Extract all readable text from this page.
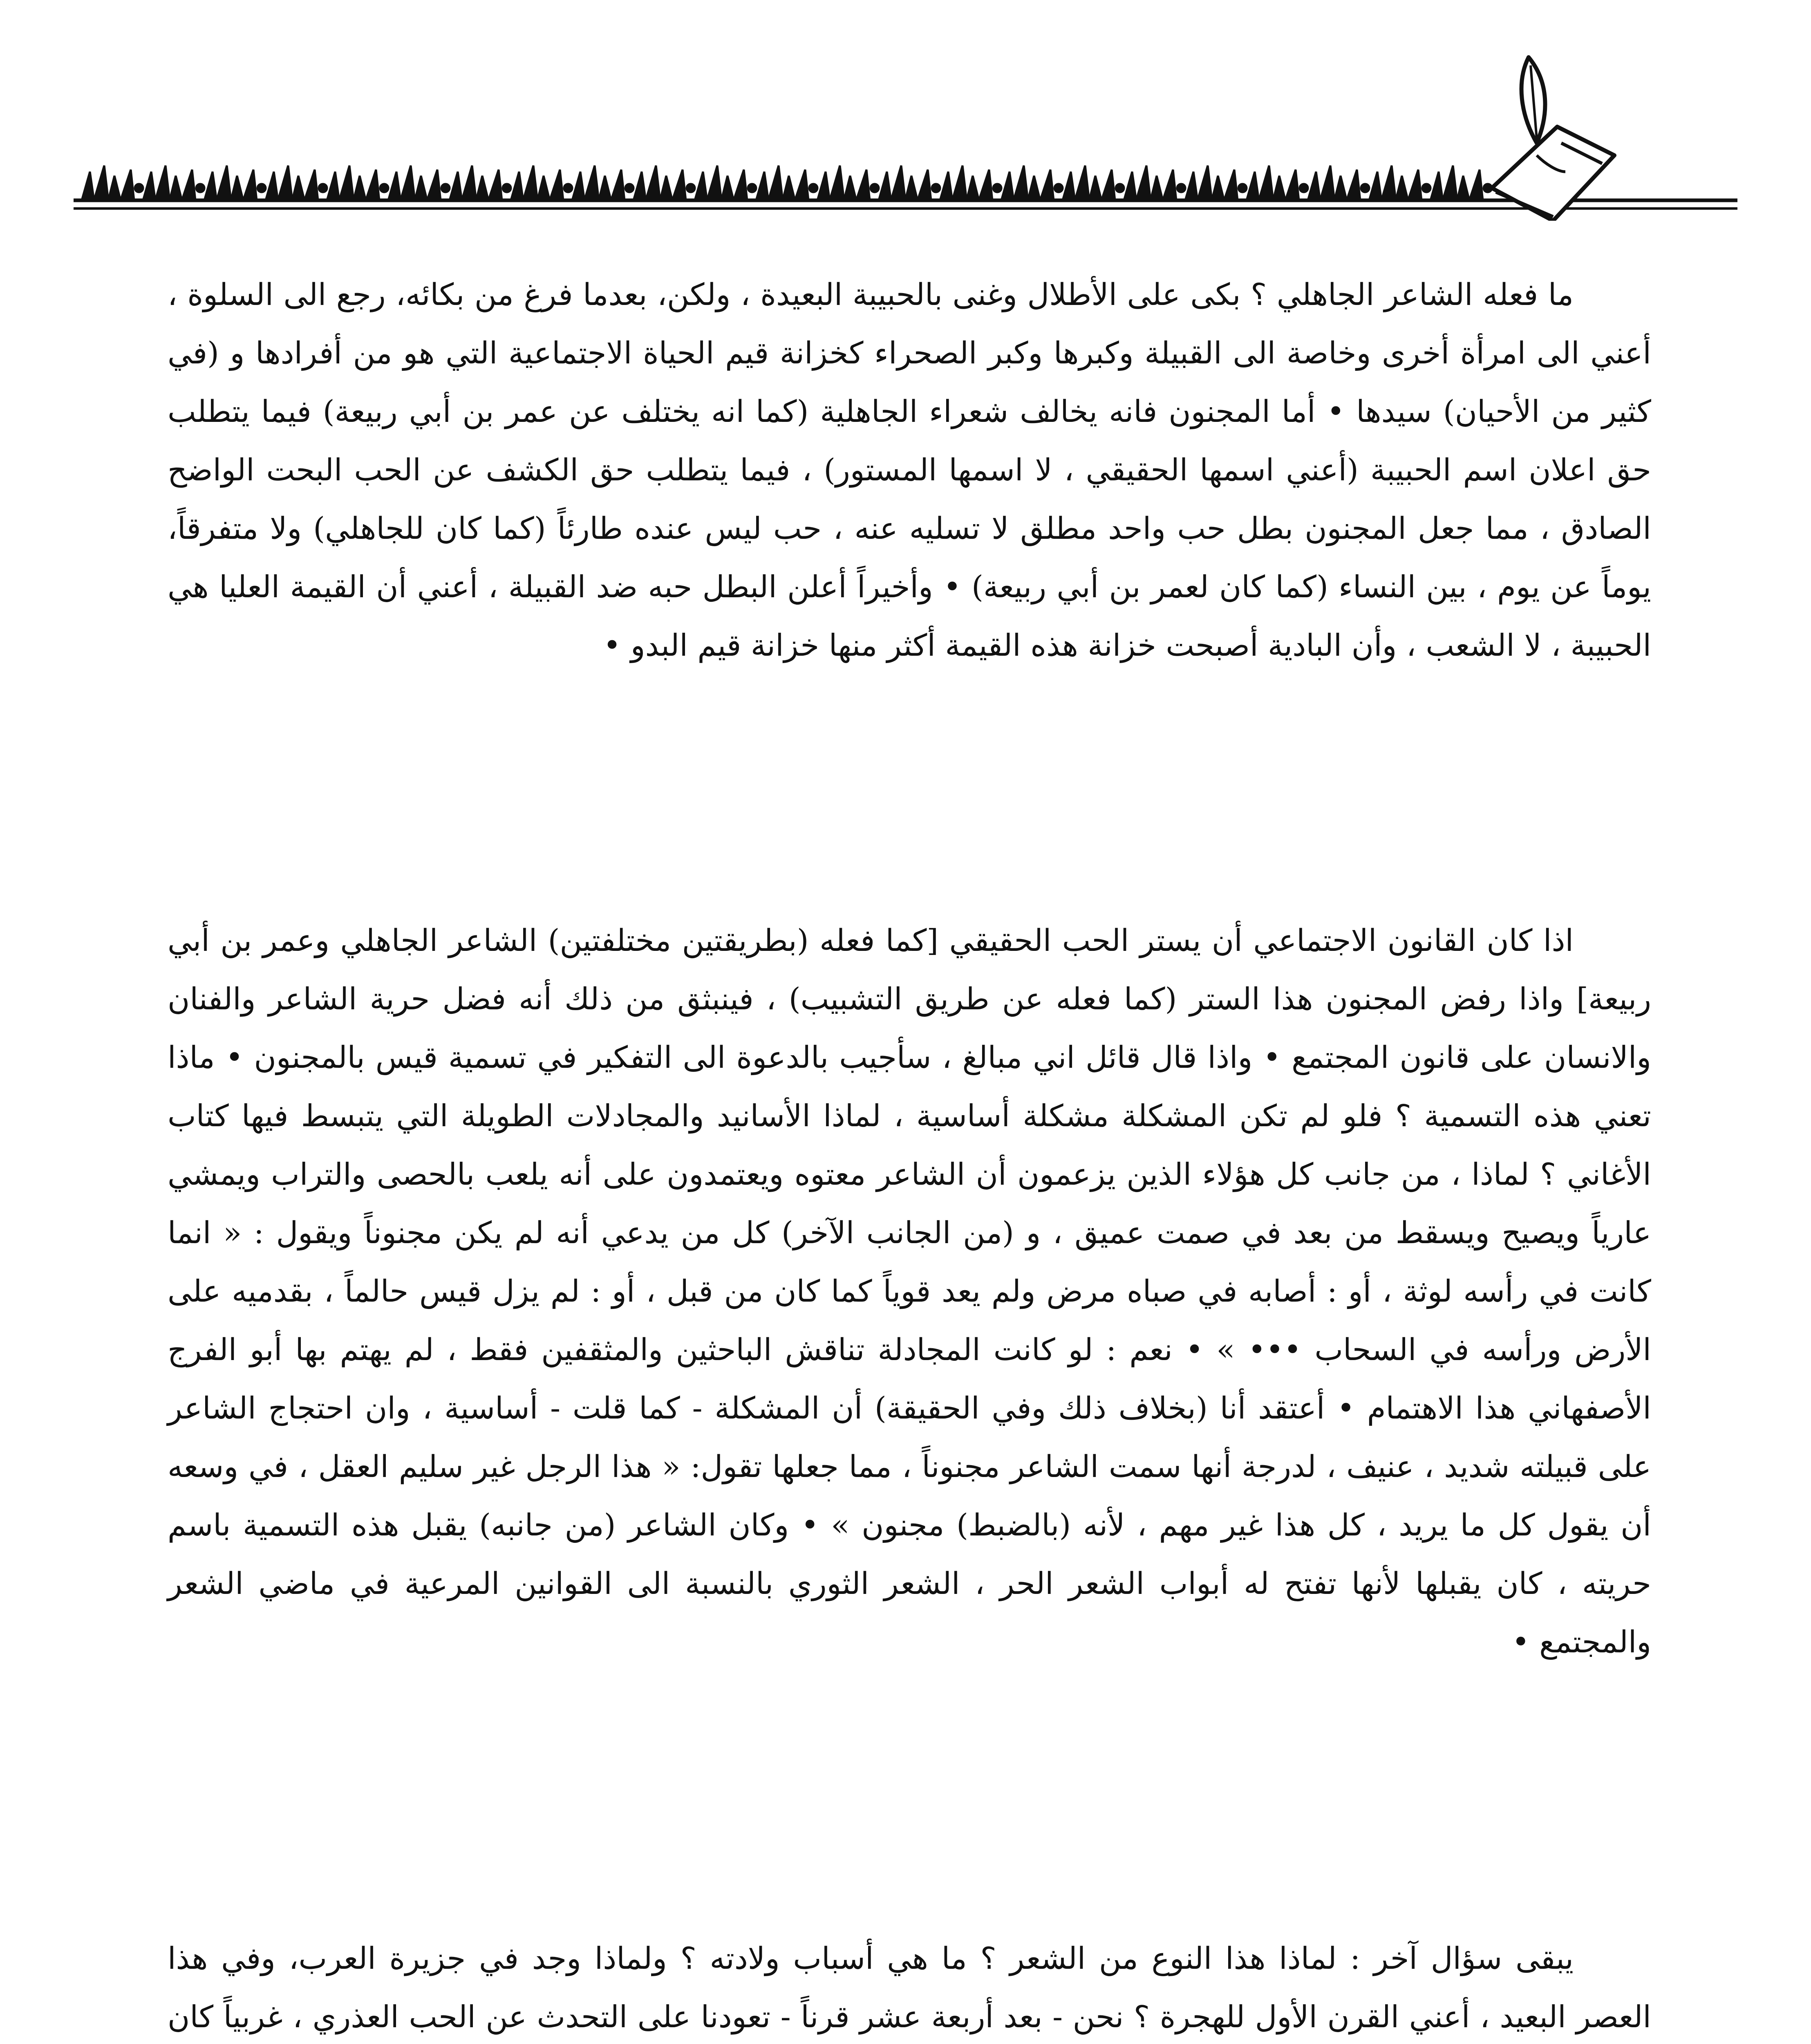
ما فعله الشاعر الجاهلي ؟ بكى على الأطلال وغنى بالحبيبة البعيدة ، ولكن، بعدما فرغ من بكائه، رجع الى السلوة ، أعني الى امرأة أخرى وخاصة الى القبيلة وكبرها وكبر الصحراء كخزانة قيم الحياة الاجتماعية التي هو من أفرادها و (في كثير من الأحيان) سيدها • أما المجنون فانه يخالف شعراء الجاهلية (كما انه يختلف عن عمر بن أبي ربيعة) فيما يتطلب حق اعلان اسم الحبيبة (أعني اسمها الحقيقي ، لا اسمها المستور) ، فيما يتطلب حق الكشف عن الحب البحت الواضح الصادق ، مما جعل المجنون بطل حب واحد مطلق لا تسليه عنه ، حب ليس عنده طارئاً (كما كان للجاهلي) ولا متفرقاً، يوماً عن يوم ، بين النساء (كما كان لعمر بن أبي ربيعة) • وأخيراً أعلن البطل حبه ضد القبيلة ، أعني أن القيمة العليا هي الحبيبة ، لا الشعب ، وأن البادية أصبحت خزانة هذه القيمة أكثر منها خزانة قيم البدو •

اذا كان القانون الاجتماعي أن يستر الحب الحقيقي [كما فعله (بطريقتين مختلفتين) الشاعر الجاهلي وعمر بن أبي ربيعة] واذا رفض المجنون هذا الستر (كما فعله عن طريق التشبيب) ، فينبثق من ذلك أنه فضل حرية الشاعر والفنان والانسان على قانون المجتمع • واذا قال قائل اني مبالغ ، سأجيب بالدعوة الى التفكير في تسمية قيس بالمجنون • ماذا تعني هذه التسمية ؟ فلو لم تكن المشكلة مشكلة أساسية ، لماذا الأسانيد والمجادلات الطويلة التي يتبسط فيها كتاب الأغاني ؟ لماذا ، من جانب كل هؤلاء الذين يزعمون أن الشاعر معتوه ويعتمدون على أنه يلعب بالحصى والتراب ويمشي عارياً ويصيح ويسقط من بعد في صمت عميق ، و (من الجانب الآخر) كل من يدعي أنه لم يكن مجنوناً ويقول : « انما كانت في رأسه لوثة ، أو : أصابه في صباه مرض ولم يعد قوياً كما كان من قبل ، أو : لم يزل قيس حالماً ، بقدميه على الأرض ورأسه في السحاب ••• » • نعم : لو كانت المجادلة تناقش الباحثين والمثقفين فقط ، لم يهتم بها أبو الفرج الأصفهاني هذا الاهتمام • أعتقد أنا (بخلاف ذلك وفي الحقيقة) أن المشكلة - كما قلت - أساسية ، وان احتجاج الشاعر على قبيلته شديد ، عنيف ، لدرجة أنها سمت الشاعر مجنوناً ، مما جعلها تقول: « هذا الرجل غير سليم العقل ، في وسعه أن يقول كل ما يريد ، كل هذا غير مهم ، لأنه (بالضبط) مجنون » • وكان الشاعر (من جانبه) يقبل هذه التسمية باسم حريته ، كان يقبلها لأنها تفتح له أبواب الشعر الحر ، الشعر الثوري بالنسبة الى القوانين المرعية في ماضي الشعر والمجتمع •

يبقى سؤال آخر : لماذا هذا النوع من الشعر ؟ ما هي أسباب ولادته ؟ ولماذا وجد في جزيرة العرب، وفي هذا العصر البعيد ، أعني القرن الأول للهجرة ؟ نحن - بعد أربعة عشر قرناً - تعودنا على التحدث عن الحب العذري ، غربياً كان
